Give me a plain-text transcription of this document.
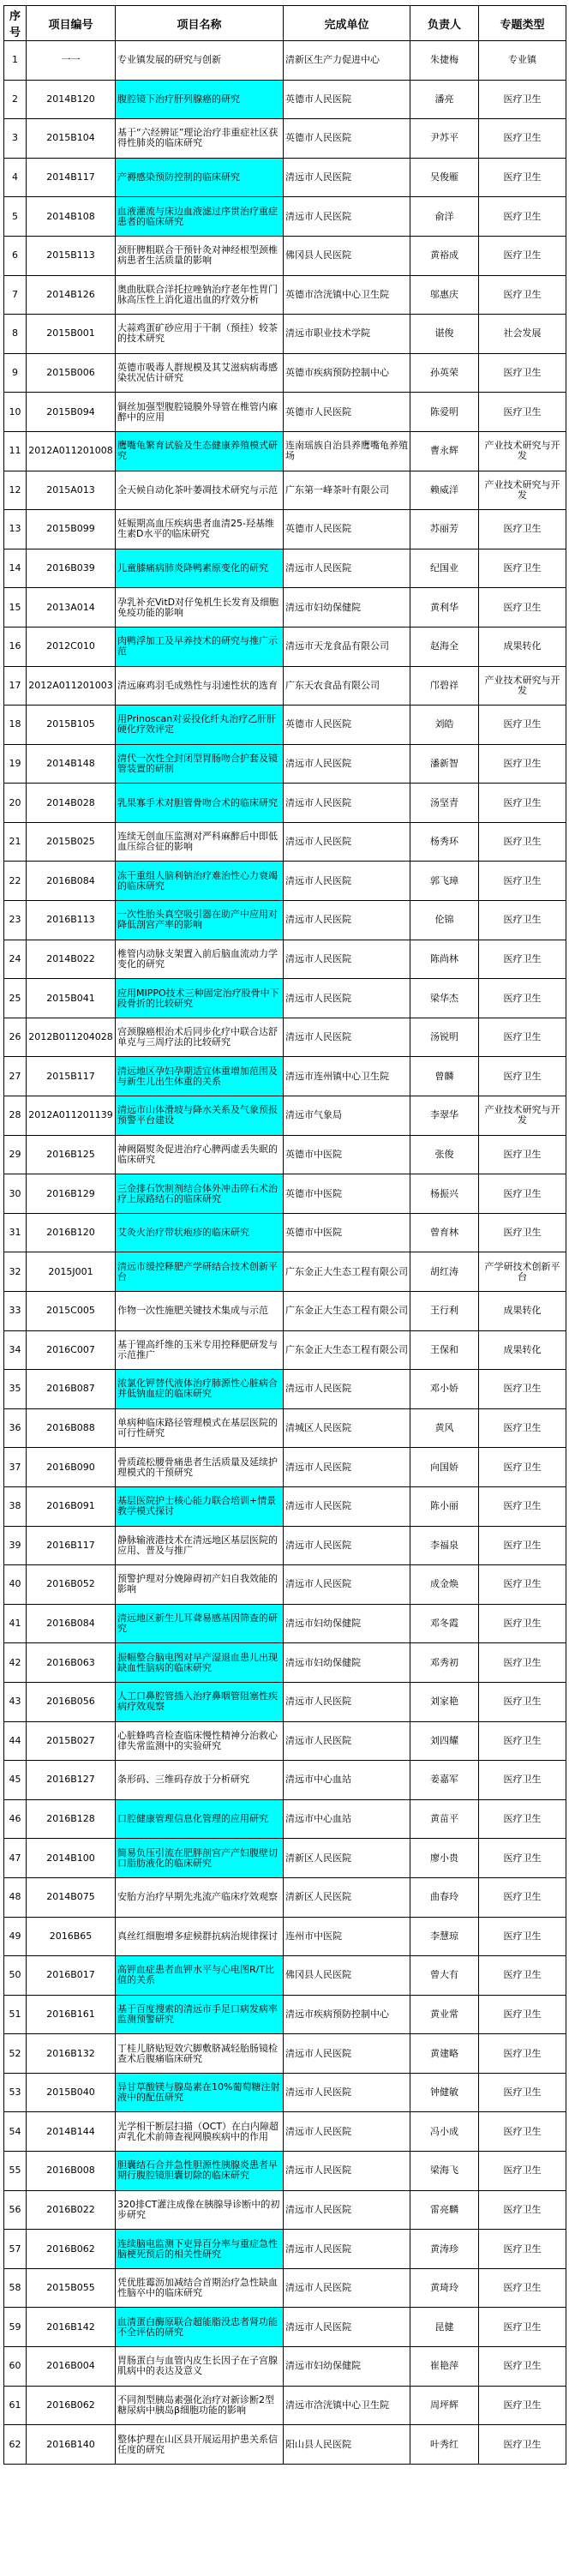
序号	项目编号	项目名称	完成单位	负责人	专题类型
1	一一	专业镇发展的研究与创新	清新区生产力促进中心	朱捷梅	专业镇
2	2014B120	腹腔镜下治疗肝列腺癌的研究	英德市人民医院	潘亮	医疗卫生
3	2015B104	基于“六经辨证”理论治疗非重症社区获得性肺炎的临床研究	英德市人民医院	尹苏平	医疗卫生
4	2014B117	产褥感染预防控制的临床研究	清远市人民医院	吴俊雁	医疗卫生
5	2014B108	血液灌流与床边血液滤过序贯治疗重症患者的临床研究	清远市人民医院	俞洋	医疗卫生
6	2015B113	颈肝脾粗联合干预针灸对神经根型颈椎病患者生活质量的影响	佛冈县人民医院	黄裕成	医疗卫生
7	2014B126	奥曲肽联合洋托拉唑钠治疗老年性胃门脉高压性上消化道出血的疗效分析	英德市浛洸镇中心卫生院	邬惠庆	医疗卫生
8	2015B001	大蒜鸡蛋矿砂应用于干制（预挂）较茶的技术研究	清远市职业技术学院	谌俊	社会发展
9	2015B006	英德市吸毒人群规模及其艾滋病病毒感染状况估计研究	英德市疾病预防控制中心	孙英荣	医疗卫生
10	2015B094	铜丝加强型腹腔镜膜外导管在椎管内麻醉中的应用	英德市人民医院	陈爱明	医疗卫生
11	2012A011201008	鹰嘴龟繁育试验及生态健康养殖模式研究	连南瑶族自治县养鹰嘴龟养殖场	曹永辉	产业技术研究与开发
12	2015A013	全天候自动化茶叶萎凋技术研究与示范	广东第一峰茶叶有限公司	赖威洋	产业技术研究与开发
13	2015B099	妊娠期高血压疾病患者血清25-羟基维生素D水平的临床研究	英德市人民医院	苏丽芳	医疗卫生
14	2016B039	儿童膝痛病肺炎降鸭素原变化的研究	清远市人民医院	纪国业	医疗卫生
15	2013A014	孕乳补充VitD对仔兔机生长发育及细胞免疫功能的影响	清远市妇幼保健院	黄利华	医疗卫生
16	2012C010	肉鸭浮加工及早养技术的研究与推广示范	清远市天龙食品有限公司	赵海全	成果转化
17	2012A011201003	清远麻鸡羽毛成熟性与羽速性状的选育	广东天农食品有限公司	邝碧祥	产业技术研究与开发
18	2015B105	用Prinoscan对妥投化纤丸治疗乙肝肝硬化疗效评定	英德市人民医院	刘皓	医疗卫生
19	2014B148	清代一次性全封闭型胃肠吻合护套及镜管装置的研制	清远市人民医院	潘新智	医疗卫生
20	2014B028	乳果寡手术对胆管骨吻合术的临床研究	清远市人民医院	汤坚青	医疗卫生
21	2015B025	连续无创血压监测对严科麻醉后中即低血压综合征的影响	清远市人民医院	杨秀环	医疗卫生
22	2016B084	冻干重组人脑利钠治疗难治性心力衰竭的临床研究	清远市人民医院	郭飞璋	医疗卫生
23	2016B113	一次性胎头真空吸引器在助产中应用对降低剖宫产率的影响	清远市人民医院	伦锦	医疗卫生
24	2014B022	椎管内动脉支架置入前后脑血流动力学变化的研究	清远市人民医院	陈尚林	医疗卫生
25	2015B041	应用MIPPO技术三种固定治疗股骨中下段骨折的比较研究	清远市人民医院	梁华杰	医疗卫生
26	2012B011204028	宫颈腺癌根治术后同步化疗中联合达舒单克与三周疗法的比较研究	清远市人民医院	汤锐明	医疗卫生
27	2015B117	清远地区孕妇孕期适宜体重增加范围及与新生儿出生体重的关系	清远市连州镇中心卫生院	曾麟	医疗卫生
28	2012A011201139	清远市山体滑坡与降水关系及气象预报预警平台建设	清远市气象局	李翠华	产业技术研究与开发
29	2016B125	神阙隔熨灸促进治疗心脾两虚丢失眠的临床研究	英德市中医院	张俊	医疗卫生
30	2016B129	三金排石饮制剂结合体外冲击碎石术治疗上尿路结石的临床研究	英德市中医院	杨振兴	医疗卫生
31	2016B120	艾灸火治疗带状疱疹的临床研究	英德市中医院	曾育林	医疗卫生
32	2015J001	清远市缓控释肥产学研结合技术创新平台	广东金正大生态工程有限公司	胡红涛	产学研技术创新平台
33	2015C005	作物一次性施肥关键技术集成与示范	广东金正大生态工程有限公司	王行利	成果转化
34	2016C007	基于锂高纤维的玉米专用控释肥研发与示范推广	广东金正大生态工程有限公司	王保和	成果转化
35	2016B087	浓氯化钾替代液体治疗肺源性心脏病合并低钠血症的临床研究	清远市人民医院	邓小娇	医疗卫生
36	2016B088	单病种临床路径管理模式在基层医院的可行性研究	清城区人民医院	黄风	医疗卫生
37	2016B090	骨质疏松腰骨痛患者生活质量及延续护理模式的干预研究	清远市人民医院	向国娇	医疗卫生
38	2016B091	基层医院护士核心能力联合培训+情景教学模式探讨	清远市人民医院	陈小丽	医疗卫生
39	2016B117	静脉输液港技术在清远地区基层医院的应用、普及与推广	清远市人民医院	李福泉	医疗卫生
40	2016B052	预警护理对分娩障碍初产妇自我效能的影响	清远市人民医院	成金焕	医疗卫生
41	2016B084	清远地区新生儿耳聋易感基因筛查的研究	清远市妇幼保健院	邓冬霞	医疗卫生
42	2016B063	振幅整合脑电图对早产湿退血患儿出现缺血性脑病的临床研究	清远市妇幼保健院	邓秀初	医疗卫生
43	2016B056	人工口鼻腔管插入治疗鼻咽管阻塞性疾病疗效观察	清远市人民医院	刘家艳	医疗卫生
44	2015B027	心脏蜂鸣音检查临床慢性精神分治救心律失常监测中的实验研究	清远市人民医院	刘四耀	医疗卫生
45	2016B127	条形码、三维码存放于分析研究	清远市中心血站	姜嘉军	医疗卫生
46	2016B128	口腔健康管理信息化管理的应用研究	清远市中心血站	黄苗平	医疗卫生
47	2014B100	简易负压引流在肥胖剖宫产产妇腹壁切口脂肪液化的临床研究	清新区人民医院	廖小贵	医疗卫生
48	2014B075	安胎方治疗早期先兆流产临床疗效观察	清新区人民医院	曲春玲	医疗卫生
49	2016B65	真丝红细胞增多症候群抗病治规律探讨	连州市中医院	李慧琼	医疗卫生
50	2016B017	高钾血症患者血钾水平与心电图R/T比值的关系	佛冈县人民医院	曾大有	医疗卫生
51	2016B161	基于百度搜索的清远市手足口病发病率监测预警研究	清远市疾病预防控制中心	黄业常	医疗卫生
52	2016B132	丁桂儿脐贴短效穴脚敷脐减轻胎肠镜检查术后腹痛临床研究	清远市人民医院	黄建略	医疗卫生
53	2015B040	异甘草酸镁与腺岛素在10%葡萄糖注射液中的配伍研究	清远市人民医院	钟健敏	医疗卫生
54	2014B144	光学相干断层扫描（OCT）在白内障超声乳化术前筛查视网膜疾病中的作用	清远市人民医院	冯小成	医疗卫生
55	2016B008	胆囊结石合并急性胆源性胰腺炎患者早期行腹腔镜胆囊切除的临床研究	清远市人民医院	梁海飞	医疗卫生
56	2016B022	320排CT灌注成像在胰腺导诊断中的初步研究	清远市人民医院	雷亮麟	医疗卫生
57	2016B062	连续脑电监测下吏异百分率与重症急性脑梗死预后的相关性研究	清远市人民医院	黄涛珍	医疗卫生
58	2015B055	凭优胜霉沥加减结合首期治疗急性缺血性脑卒中的临床研究	清远市人民医院	黄琦玲	医疗卫生
59	2016B142	血清蛋白酶原联合超能脂没忠者肾功能不全评估的研究	清远市人民医院	昆健	医疗卫生
60	2016B004	胃肠蛋白与血管内皮生长因子在子宫腺肌病中的表达及意义	清远市妇幼保健院	崔艳萍	医疗卫生
61	2016B062	不同剂型胰岛素强化治疗对新诊断2型糖尿病中胰岛β细胞功能的影响	清远市浛洸镇中心卫生院	周坪辉	医疗卫生
62	2016B140	整体护理在山区县开展运用护患关系信任度的研究	阳山县人民医院	叶秀红	医疗卫生
